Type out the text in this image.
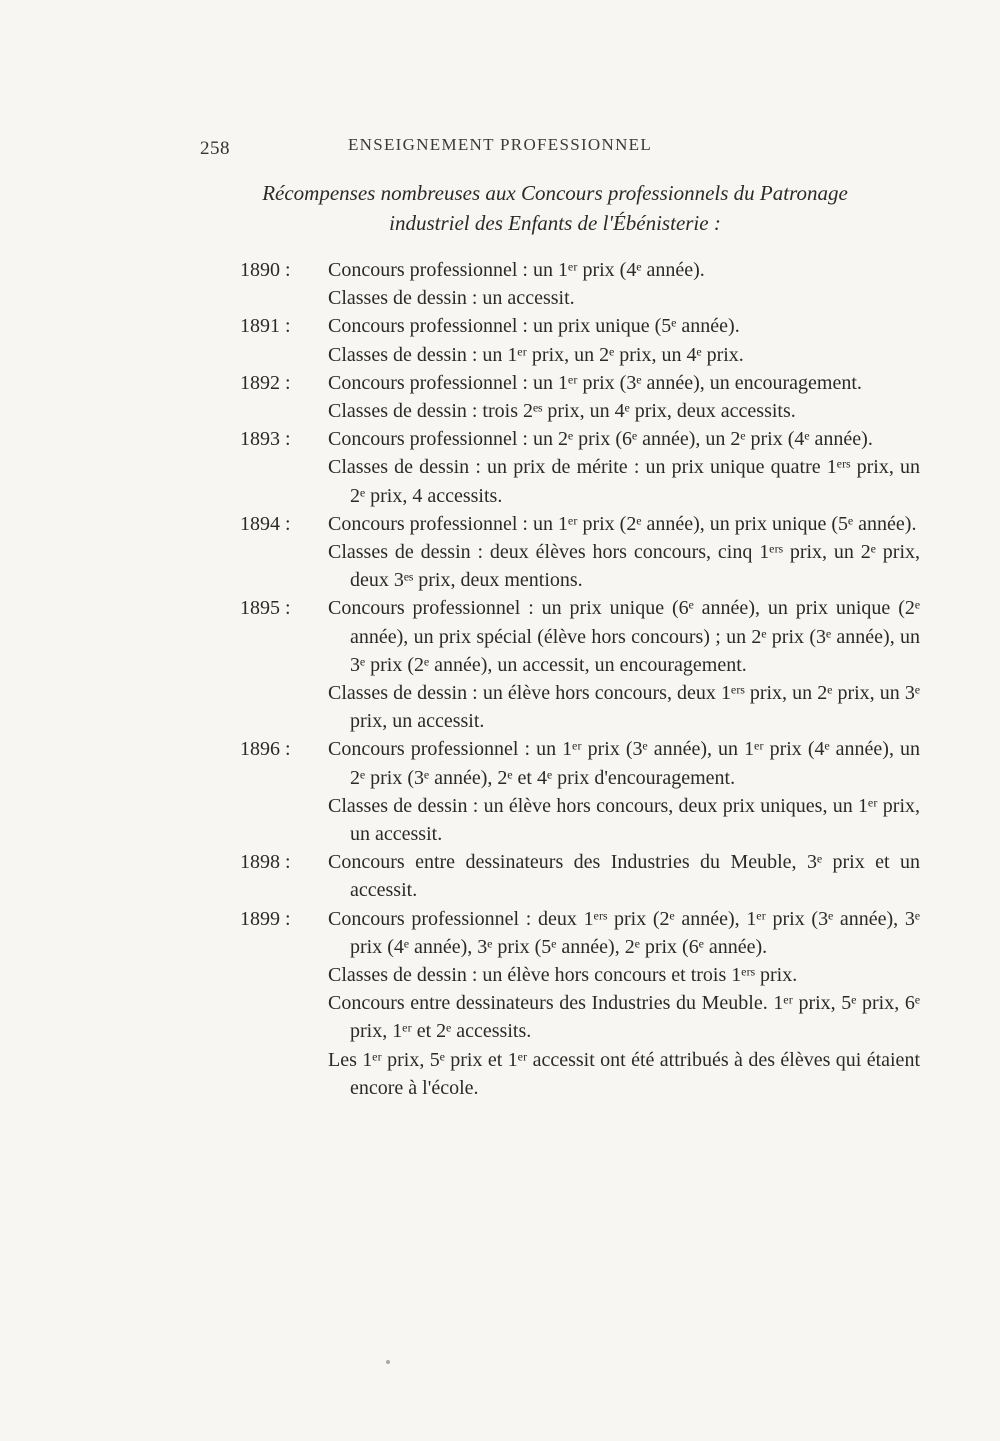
258	ENSEIGNEMENT PROFESSIONNEL
Récompenses nombreuses aux Concours professionnels du Patronage
industriel des Enfants de l'Ébénisterie :
1890 :	Concours professionnel : un 1ᵉʳ prix (4ᵉ année).
Classes de dessin : un accessit.
1891 :	Concours professionnel : un prix unique (5ᵉ année).
Classes de dessin : un 1ᵉʳ prix, un 2ᵉ prix, un 4ᵉ prix.
1892 :	Concours professionnel : un 1ᵉʳ prix (3ᵉ année), un encouragement.
Classes de dessin : trois 2ᵉˢ prix, un 4ᵉ prix, deux accessits.
1893 :	Concours professionnel : un 2ᵉ prix (6ᵉ année), un 2ᵉ prix (4ᵉ année).
Classes de dessin : un prix de mérite : un prix unique quatre 1ᵉʳˢ prix, un 2ᵉ prix, 4 accessits.
1894 :	Concours professionnel : un 1ᵉʳ prix (2ᵉ année), un prix unique (5ᵉ année).
Classes de dessin : deux élèves hors concours, cinq 1ᵉʳˢ prix, un 2ᵉ prix, deux 3ᵉˢ prix, deux mentions.
1895 :	Concours professionnel : un prix unique (6ᵉ année), un prix unique (2ᵉ année), un prix spécial (élève hors concours) ; un 2ᵉ prix (3ᵉ année), un 3ᵉ prix (2ᵉ année), un accessit, un encouragement.
Classes de dessin : un élève hors concours, deux 1ᵉʳˢ prix, un 2ᵉ prix, un 3ᵉ prix, un accessit.
1896 :	Concours professionnel : un 1ᵉʳ prix (3ᵉ année), un 1ᵉʳ prix (4ᵉ année), un 2ᵉ prix (3ᵉ année), 2ᵉ et 4ᵉ prix d'encouragement.
Classes de dessin : un élève hors concours, deux prix uniques, un 1ᵉʳ prix, un accessit.
1898 :	Concours entre dessinateurs des Industries du Meuble, 3ᵉ prix et un accessit.
1899 :	Concours professionnel : deux 1ᵉʳˢ prix (2ᵉ année), 1ᵉʳ prix (3ᵉ année), 3ᵉ prix (4ᵉ année), 3ᵉ prix (5ᵉ année), 2ᵉ prix (6ᵉ année).
Classes de dessin : un élève hors concours et trois 1ᵉʳˢ prix.
Concours entre dessinateurs des Industries du Meuble. 1ᵉʳ prix, 5ᵉ prix, 6ᵉ prix, 1ᵉʳ et 2ᵉ accessits.
Les 1ᵉʳ prix, 5ᵉ prix et 1ᵉʳ accessit ont été attribués à des élèves qui étaient encore à l'école.
